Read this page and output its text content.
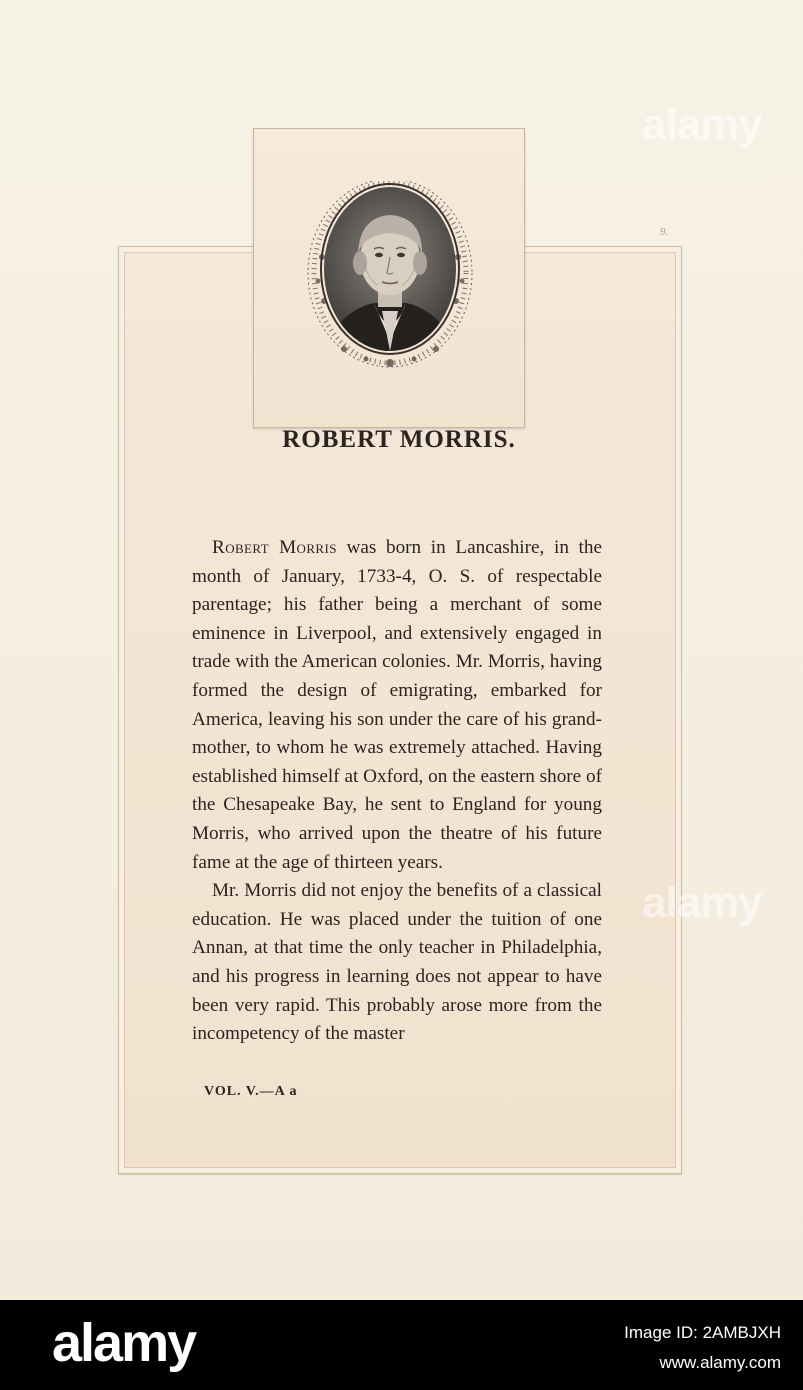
9.
ROBERT MORRIS.

Robert Morris was born in Lancashire, in the month of January, 1733-4, O. S. of respectable parentage; his father being a merchant of some eminence in Liverpool, and extensively engaged in trade with the American colonies. Mr. Morris, having formed the design of emigrating, embarked for America, leaving his son under the care of his grand-mother, to whom he was extremely attached. Having established himself at Oxford, on the eastern shore of the Chesapeake Bay, he sent to England for young Morris, who arrived upon the theatre of his future fame at the age of thirteen years.

Mr. Morris did not enjoy the benefits of a classical education. He was placed under the tuition of one Annan, at that time the only teacher in Philadelphia, and his progress in learning does not appear to have been very rapid. This probably arose more from the incompetency of the master

VOL. V.—A a
alamy
alamy
alamy	Image ID: 2AMBJXH
www.alamy.com
